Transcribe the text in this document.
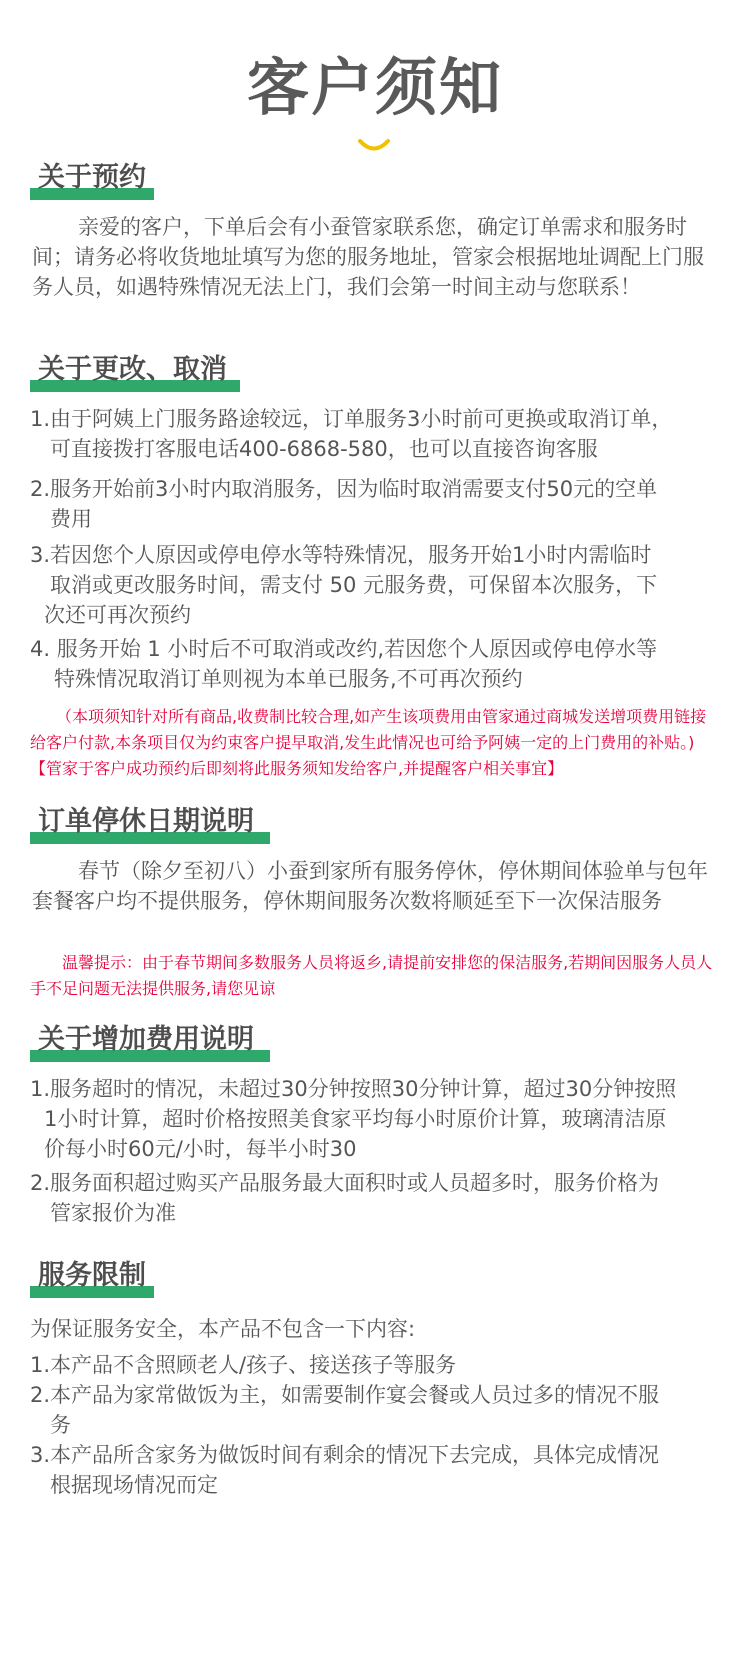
客户须知
关于预约
亲爱的客户，下单后会有小蚕管家联系您，确定订单需求和服务时间；请务必将收货地址填写为您的服务地址，管家会根据地址调配上门服务人员，如遇特殊情况无法上门，我们会第一时间主动与您联系！
关于更改、取消
1.由于阿姨上门服务路途较远，订单服务3小时前可更换或取消订单，
可直接拨打客服电话400-6868-580，也可以直接咨询客服
2.服务开始前3小时内取消服务，因为临时取消需要支付50元的空单
费用
3.若因您个人原因或停电停水等特殊情况，服务开始1小时内需临时
取消或更改服务时间，需支付 50 元服务费，可保留本次服务，下
次还可再次预约
4. 服务开始 1 小时后不可取消或改约,若因您个人原因或停电停水等
特殊情况取消订单则视为本单已服务,不可再次预约
（本项须知针对所有商品,收费制比较合理,如产生该项费用由管家通过商城发送增项费用链接给客户付款,本条项目仅为约束客户提早取消,发生此情况也可给予阿姨一定的上门费用的补贴。)【管家于客户成功预约后即刻将此服务须知发给客户,并提醒客户相关事宜】
订单停休日期说明
春节（除夕至初八）小蚕到家所有服务停休，停休期间体验单与包年套餐客户均不提供服务，停休期间服务次数将顺延至下一次保洁服务
温馨提示：由于春节期间多数服务人员将返乡,请提前安排您的保洁服务,若期间因服务人员人手不足问题无法提供服务,请您见谅
关于增加费用说明
1.服务超时的情况，未超过30分钟按照30分钟计算，超过30分钟按照
1小时计算，超时价格按照美食家平均每小时原价计算，玻璃清洁原
价每小时60元/小时，每半小时30
2.服务面积超过购买产品服务最大面积时或人员超多时，服务价格为
管家报价为准
服务限制
为保证服务安全，本产品不包含一下内容:
1.本产品不含照顾老人/孩子、接送孩子等服务
2.本产品为家常做饭为主，如需要制作宴会餐或人员过多的情况不服
务
3.本产品所含家务为做饭时间有剩余的情况下去完成，具体完成情况
根据现场情况而定
